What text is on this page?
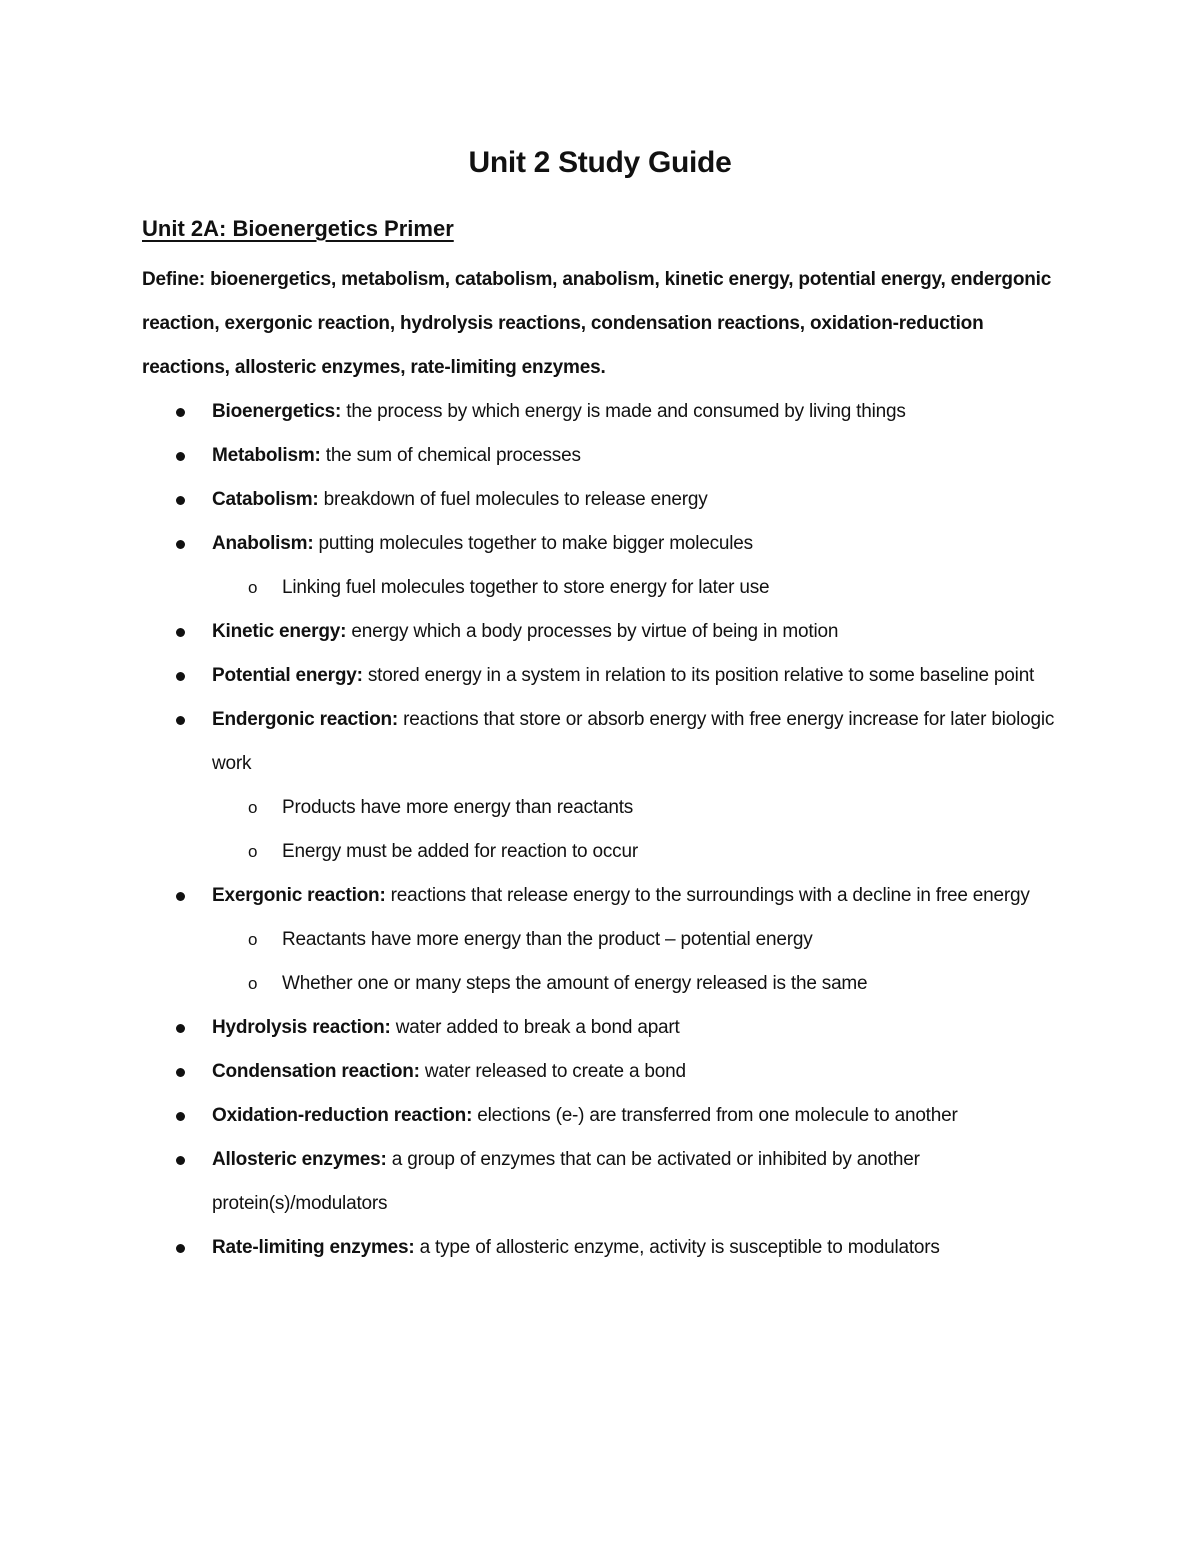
Unit 2 Study Guide
Unit 2A: Bioenergetics Primer

Define: bioenergetics, metabolism, catabolism, anabolism, kinetic energy, potential energy, endergonic reaction, exergonic reaction, hydrolysis reactions, condensation reactions, oxidation-reduction reactions, allosteric enzymes, rate-limiting enzymes.

Bioenergetics: the process by which energy is made and consumed by living things
Metabolism: the sum of chemical processes
Catabolism: breakdown of fuel molecules to release energy
Anabolism: putting molecules together to make bigger molecules
o Linking fuel molecules together to store energy for later use
Kinetic energy: energy which a body processes by virtue of being in motion
Potential energy: stored energy in a system in relation to its position relative to some baseline point
Endergonic reaction: reactions that store or absorb energy with free energy increase for later biologic work
o Products have more energy than reactants
o Energy must be added for reaction to occur
Exergonic reaction: reactions that release energy to the surroundings with a decline in free energy
o Reactants have more energy than the product – potential energy
o Whether one or many steps the amount of energy released is the same
Hydrolysis reaction: water added to break a bond apart
Condensation reaction: water released to create a bond
Oxidation-reduction reaction: elections (e-) are transferred from one molecule to another
Allosteric enzymes: a group of enzymes that can be activated or inhibited by another protein(s)/modulators
Rate-limiting enzymes: a type of allosteric enzyme, activity is susceptible to modulators
